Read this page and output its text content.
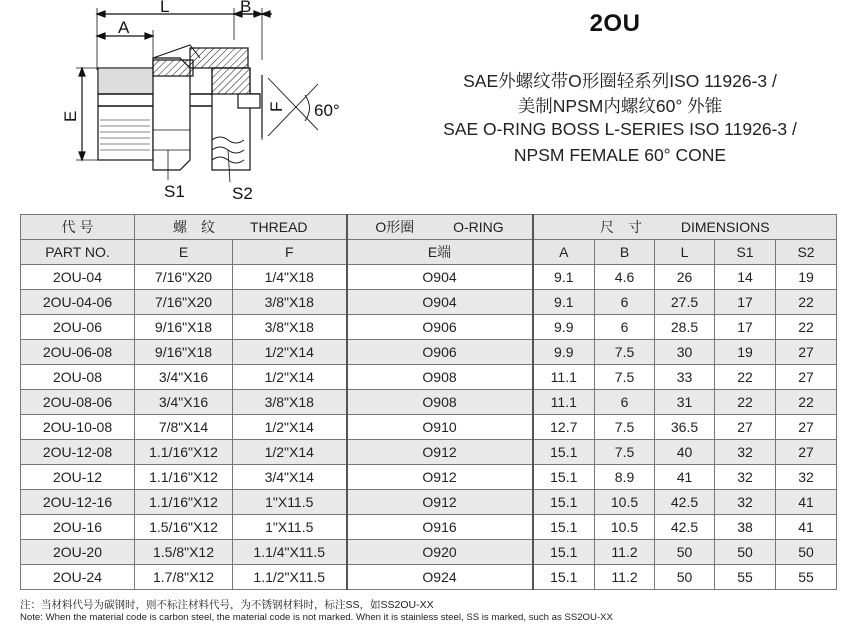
L	B
A
E
F 60°
S1	S2
2OU
SAE外螺纹带O形圈轻系列ISO 11926-3 /
美制NPSM内螺纹60° 外锥
SAE O-RING BOSS L-SERIES ISO 11926-3 /
NPSM FEMALE 60° CONE
代 号	螺　纹 THREAD		O形圈 O-RING	尺　寸 DIMENSIONS				
PART NO.	E	F	E端	A	B	L	S1	S2
2OU-04	7/16"X20	1/4"X18	O904	9.1	4.6	26	14	19
2OU-04-06	7/16"X20	3/8"X18	O904	9.1	6	27.5	17	22
2OU-06	9/16"X18	3/8"X18	O906	9.9	6	28.5	17	22
2OU-06-08	9/16"X18	1/2"X14	O906	9.9	7.5	30	19	27
2OU-08	3/4"X16	1/2"X14	O908	11.1	7.5	33	22	27
2OU-08-06	3/4"X16	3/8"X18	O908	11.1	6	31	22	22
2OU-10-08	7/8"X14	1/2"X14	O910	12.7	7.5	36.5	27	27
2OU-12-08	1.1/16"X12	1/2"X14	O912	15.1	7.5	40	32	27
2OU-12	1.1/16"X12	3/4"X14	O912	15.1	8.9	41	32	32
2OU-12-16	1.1/16"X12	1"X11.5	O912	15.1	10.5	42.5	32	41
2OU-16	1.5/16"X12	1"X11.5	O916	15.1	10.5	42.5	38	41
2OU-20	1.5/8"X12	1.1/4"X11.5	O920	15.1	11.2	50	50	50
2OU-24	1.7/8"X12	1.1/2"X11.5	O924	15.1	11.2	50	55	55
注：当材料代号为碳钢时，则不标注材料代号，为不锈钢材料时，标注SS，如SS2OU-XX
Note: When the material code is carbon steel, the material code is not marked. When it is stainless steel, SS is marked, such as SS2OU-XX
